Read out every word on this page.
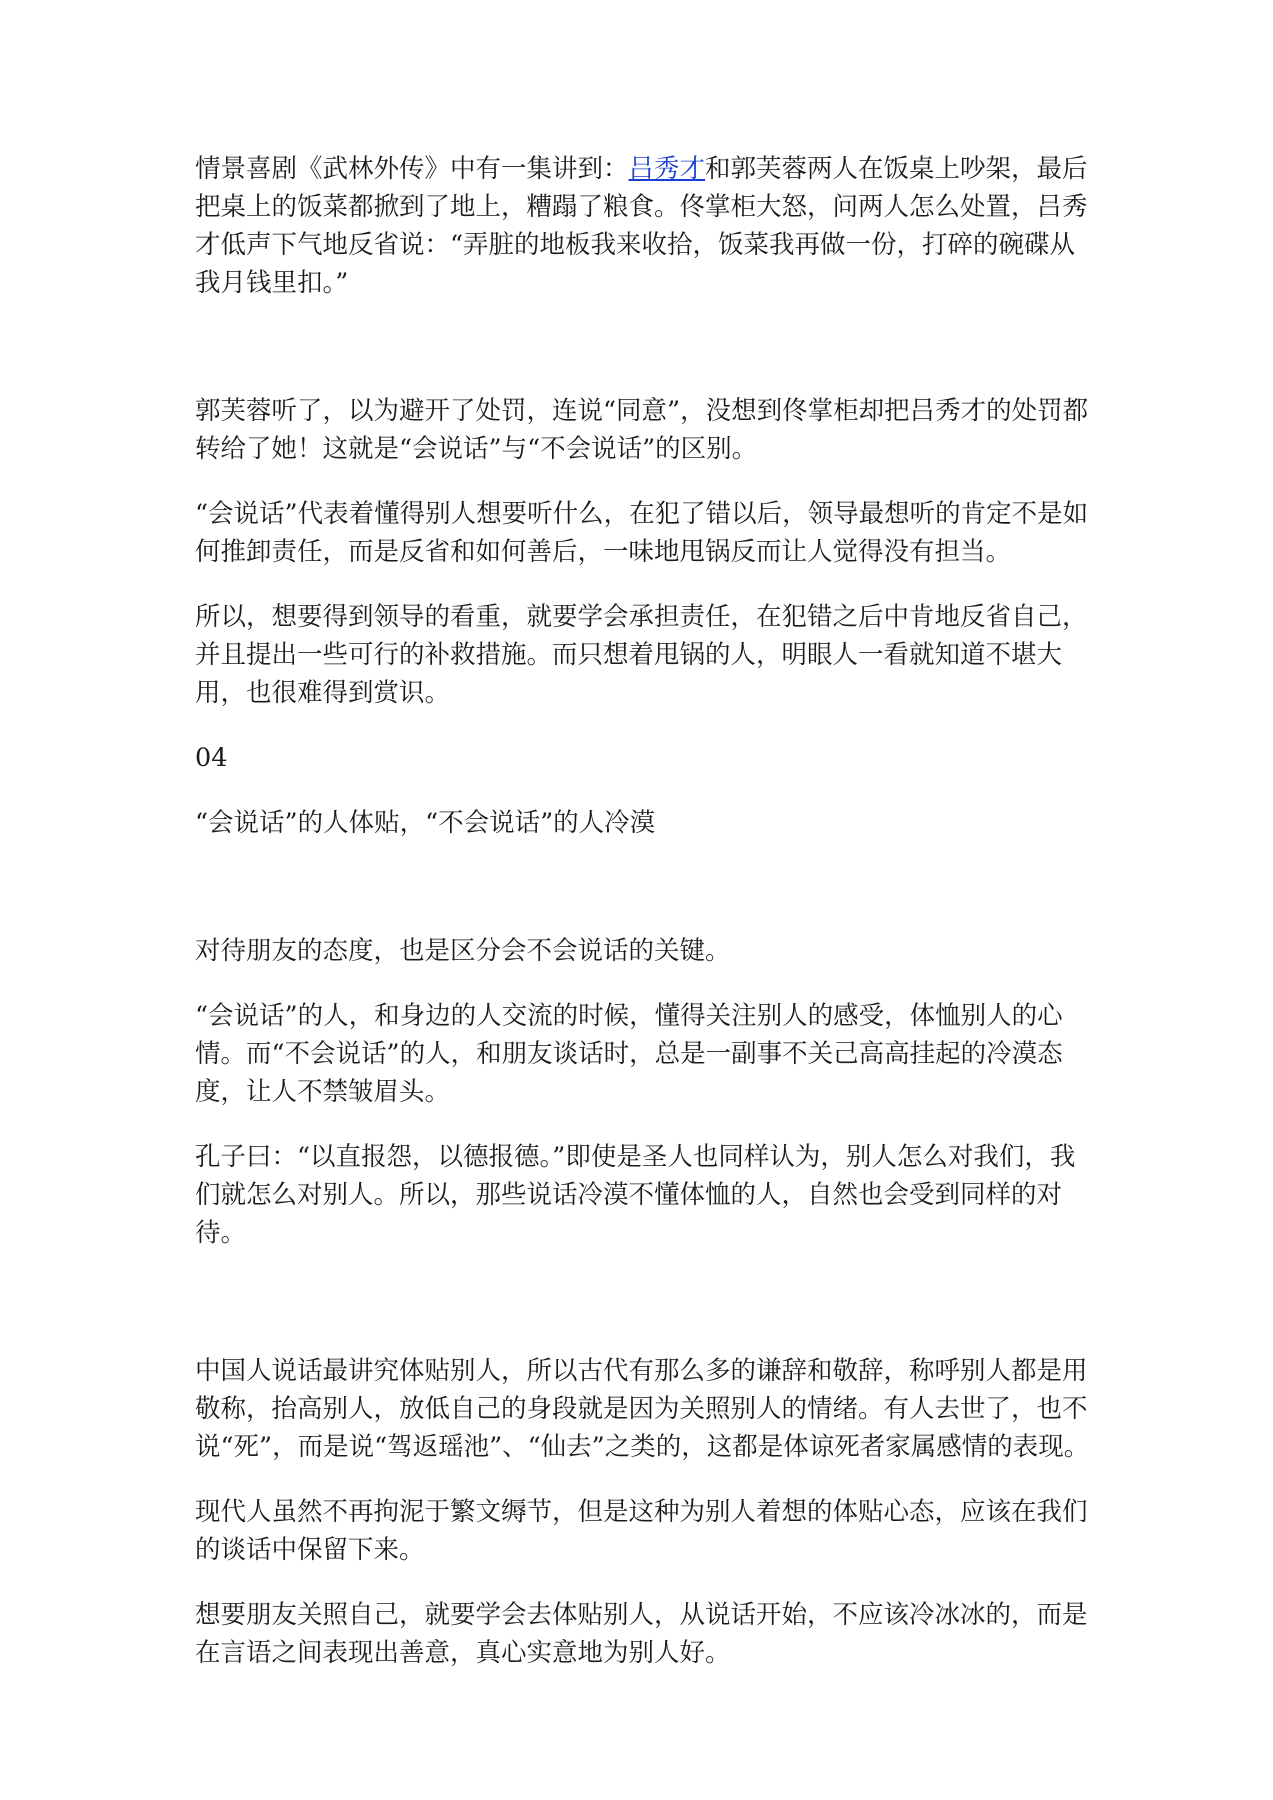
情景喜剧《武林外传》中有一集讲到：吕秀才和郭芙蓉两人在饭桌上吵架，最后把桌上的饭菜都掀到了地上，糟蹋了粮食。佟掌柜大怒，问两人怎么处置，吕秀才低声下气地反省说：“弄脏的地板我来收拾，饭菜我再做一份，打碎的碗碟从我月钱里扣。”

郭芙蓉听了，以为避开了处罚，连说“同意”，没想到佟掌柜却把吕秀才的处罚都转给了她！这就是“会说话”与“不会说话”的区别。

“会说话”代表着懂得别人想要听什么，在犯了错以后，领导最想听的肯定不是如何推卸责任，而是反省和如何善后，一味地甩锅反而让人觉得没有担当。

所以，想要得到领导的看重，就要学会承担责任，在犯错之后中肯地反省自己，并且提出一些可行的补救措施。而只想着甩锅的人，明眼人一看就知道不堪大用，也很难得到赏识。

04

“会说话”的人体贴，“不会说话”的人冷漠

对待朋友的态度，也是区分会不会说话的关键。

“会说话”的人，和身边的人交流的时候，懂得关注别人的感受，体恤别人的心情。而“不会说话”的人，和朋友谈话时，总是一副事不关己高高挂起的冷漠态度，让人不禁皱眉头。

孔子曰：“以直报怨，以德报德。”即使是圣人也同样认为，别人怎么对我们，我们就怎么对别人。所以，那些说话冷漠不懂体恤的人，自然也会受到同样的对待。

中国人说话最讲究体贴别人，所以古代有那么多的谦辞和敬辞，称呼别人都是用敬称，抬高别人，放低自己的身段就是因为关照别人的情绪。有人去世了，也不说“死”，而是说“驾返瑶池”、“仙去”之类的，这都是体谅死者家属感情的表现。

现代人虽然不再拘泥于繁文缛节，但是这种为别人着想的体贴心态，应该在我们的谈话中保留下来。

想要朋友关照自己，就要学会去体贴别人，从说话开始，不应该冷冰冰的，而是在言语之间表现出善意，真心实意地为别人好。
